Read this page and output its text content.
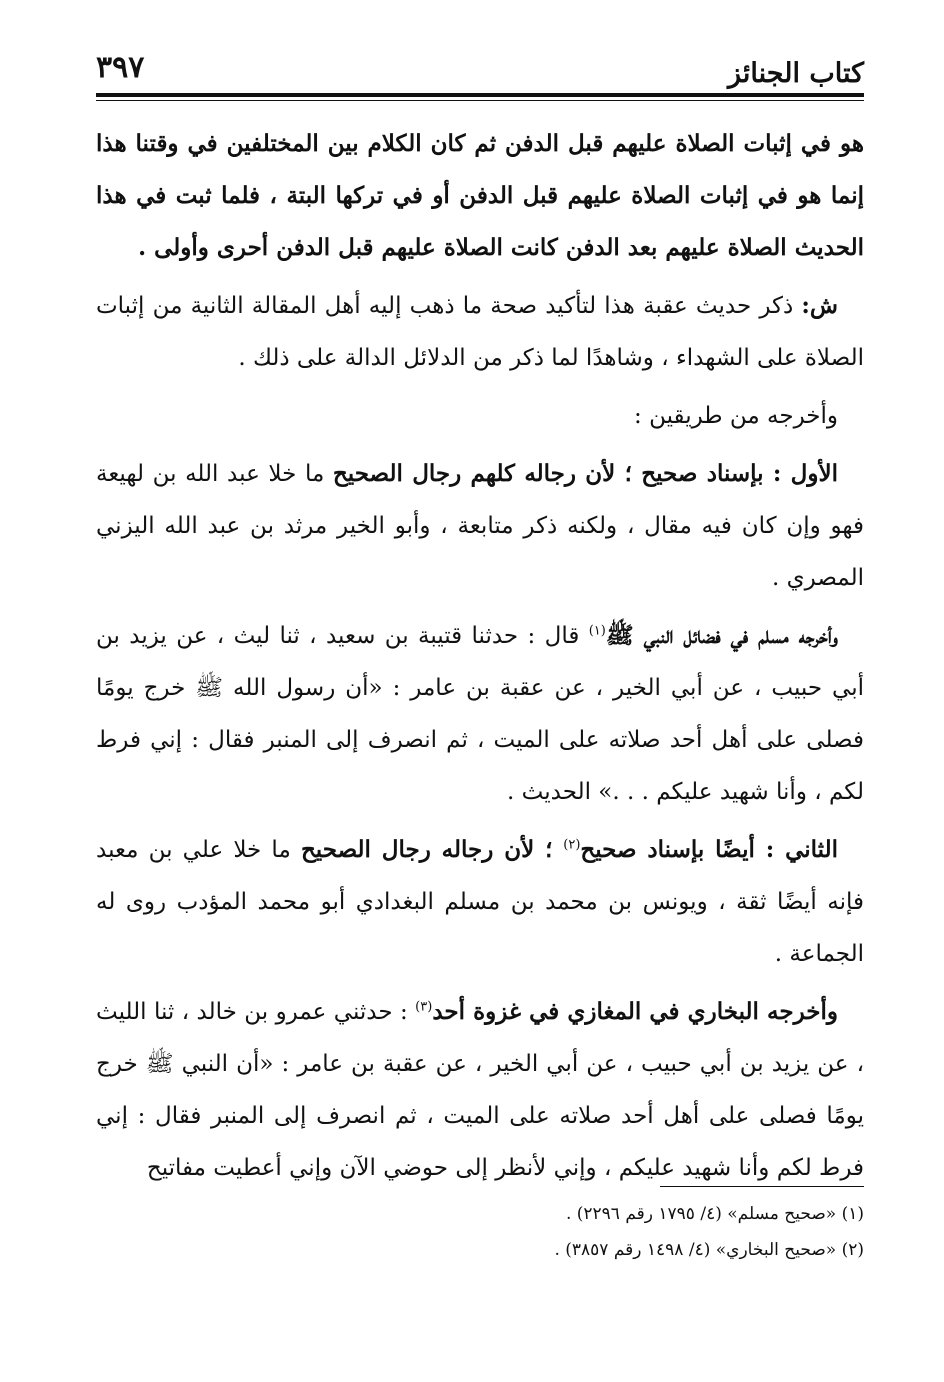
كتاب الجنائز
٣٩٧

هو في إثبات الصلاة عليهم قبل الدفن ثم كان الكلام بين المختلفين في وقتنا هذا إنما هو في إثبات الصلاة عليهم قبل الدفن أو في تركها البتة ، فلما ثبت في هذا الحديث الصلاة عليهم بعد الدفن كانت الصلاة عليهم قبل الدفن أحرى وأولى .

ش: ذكر حديث عقبة هذا لتأكيد صحة ما ذهب إليه أهل المقالة الثانية من إثبات الصلاة على الشهداء ، وشاهدًا لما ذكر من الدلائل الدالة على ذلك .

وأخرجه من طريقين :

الأول : بإسناد صحيح ؛ لأن رجاله كلهم رجال الصحيح ما خلا عبد الله بن لهيعة فهو وإن كان فيه مقال ، ولكنه ذكر متابعة ، وأبو الخير مرثد بن عبد الله اليزني المصري .

وأخرجه مسلم في فضائل النبي ﷺ$^{(١)}$ قال : حدثنا قتيبة بن سعيد ، ثنا ليث ، عن يزيد بن أبي حبيب ، عن أبي الخير ، عن عقبة بن عامر : «أن رسول الله ﷺ خرج يومًا فصلى على أهل أحد صلاته على الميت ، ثم انصرف إلى المنبر فقال : إني فرط لكم ، وأنا شهيد عليكم . . .» الحديث .

الثاني : أيضًا بإسناد صحيح$^{(٢)}$ ؛ لأن رجاله رجال الصحيح ما خلا علي بن معبد فإنه أيضًا ثقة ، ويونس بن محمد بن مسلم البغدادي أبو محمد المؤدب روى له الجماعة .

وأخرجه البخاري في المغازي في غزوة أحد$^{(٣)}$ : حدثني عمرو بن خالد ، ثنا الليث ، عن يزيد بن أبي حبيب ، عن أبي الخير ، عن عقبة بن عامر : «أن النبي ﷺ خرج يومًا فصلى على أهل أحد صلاته على الميت ، ثم انصرف إلى المنبر فقال : إني فرط لكم وأنا شهيد عليكم ، وإني لأنظر إلى حوضي الآن وإني أعطيت مفاتيح

(١) «صحيح مسلم» (٤/ ١٧٩٥ رقم ٢٢٩٦) .
(٢) «صحيح البخاري» (٤/ ١٤٩٨ رقم ٣٨٥٧) .
